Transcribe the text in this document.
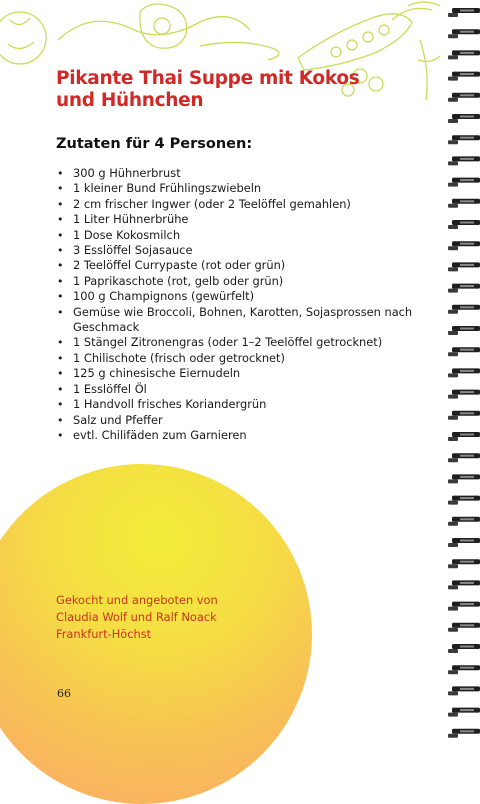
Pikante Thai Suppe mit Kokos
und Hühnchen
Zutaten für 4 Personen:
• 300 g Hühnerbrust
• 1 kleiner Bund Frühlingszwiebeln
• 2 cm frischer Ingwer (oder 2 Teelöffel gemahlen)
• 1 Liter Hühnerbrühe
• 1 Dose Kokosmilch
• 3 Esslöffel Sojasauce
• 2 Teelöffel Currypaste (rot oder grün)
• 1 Paprikaschote (rot, gelb oder grün)
• 100 g Champignons (gewürfelt)
• Gemüse wie Broccoli, Bohnen, Karotten, Sojasprossen nach Geschmack
• 1 Stängel Zitronengras (oder 1–2 Teelöffel getrocknet)
• 1 Chilischote (frisch oder getrocknet)
• 125 g chinesische Eiernudeln
• 1 Esslöffel Öl
• 1 Handvoll frisches Koriandergrün
• Salz und Pfeffer
• evtl. Chilifäden zum Garnieren
Gekocht und angeboten von
Claudia Wolf und Ralf Noack
Frankfurt-Höchst
66
